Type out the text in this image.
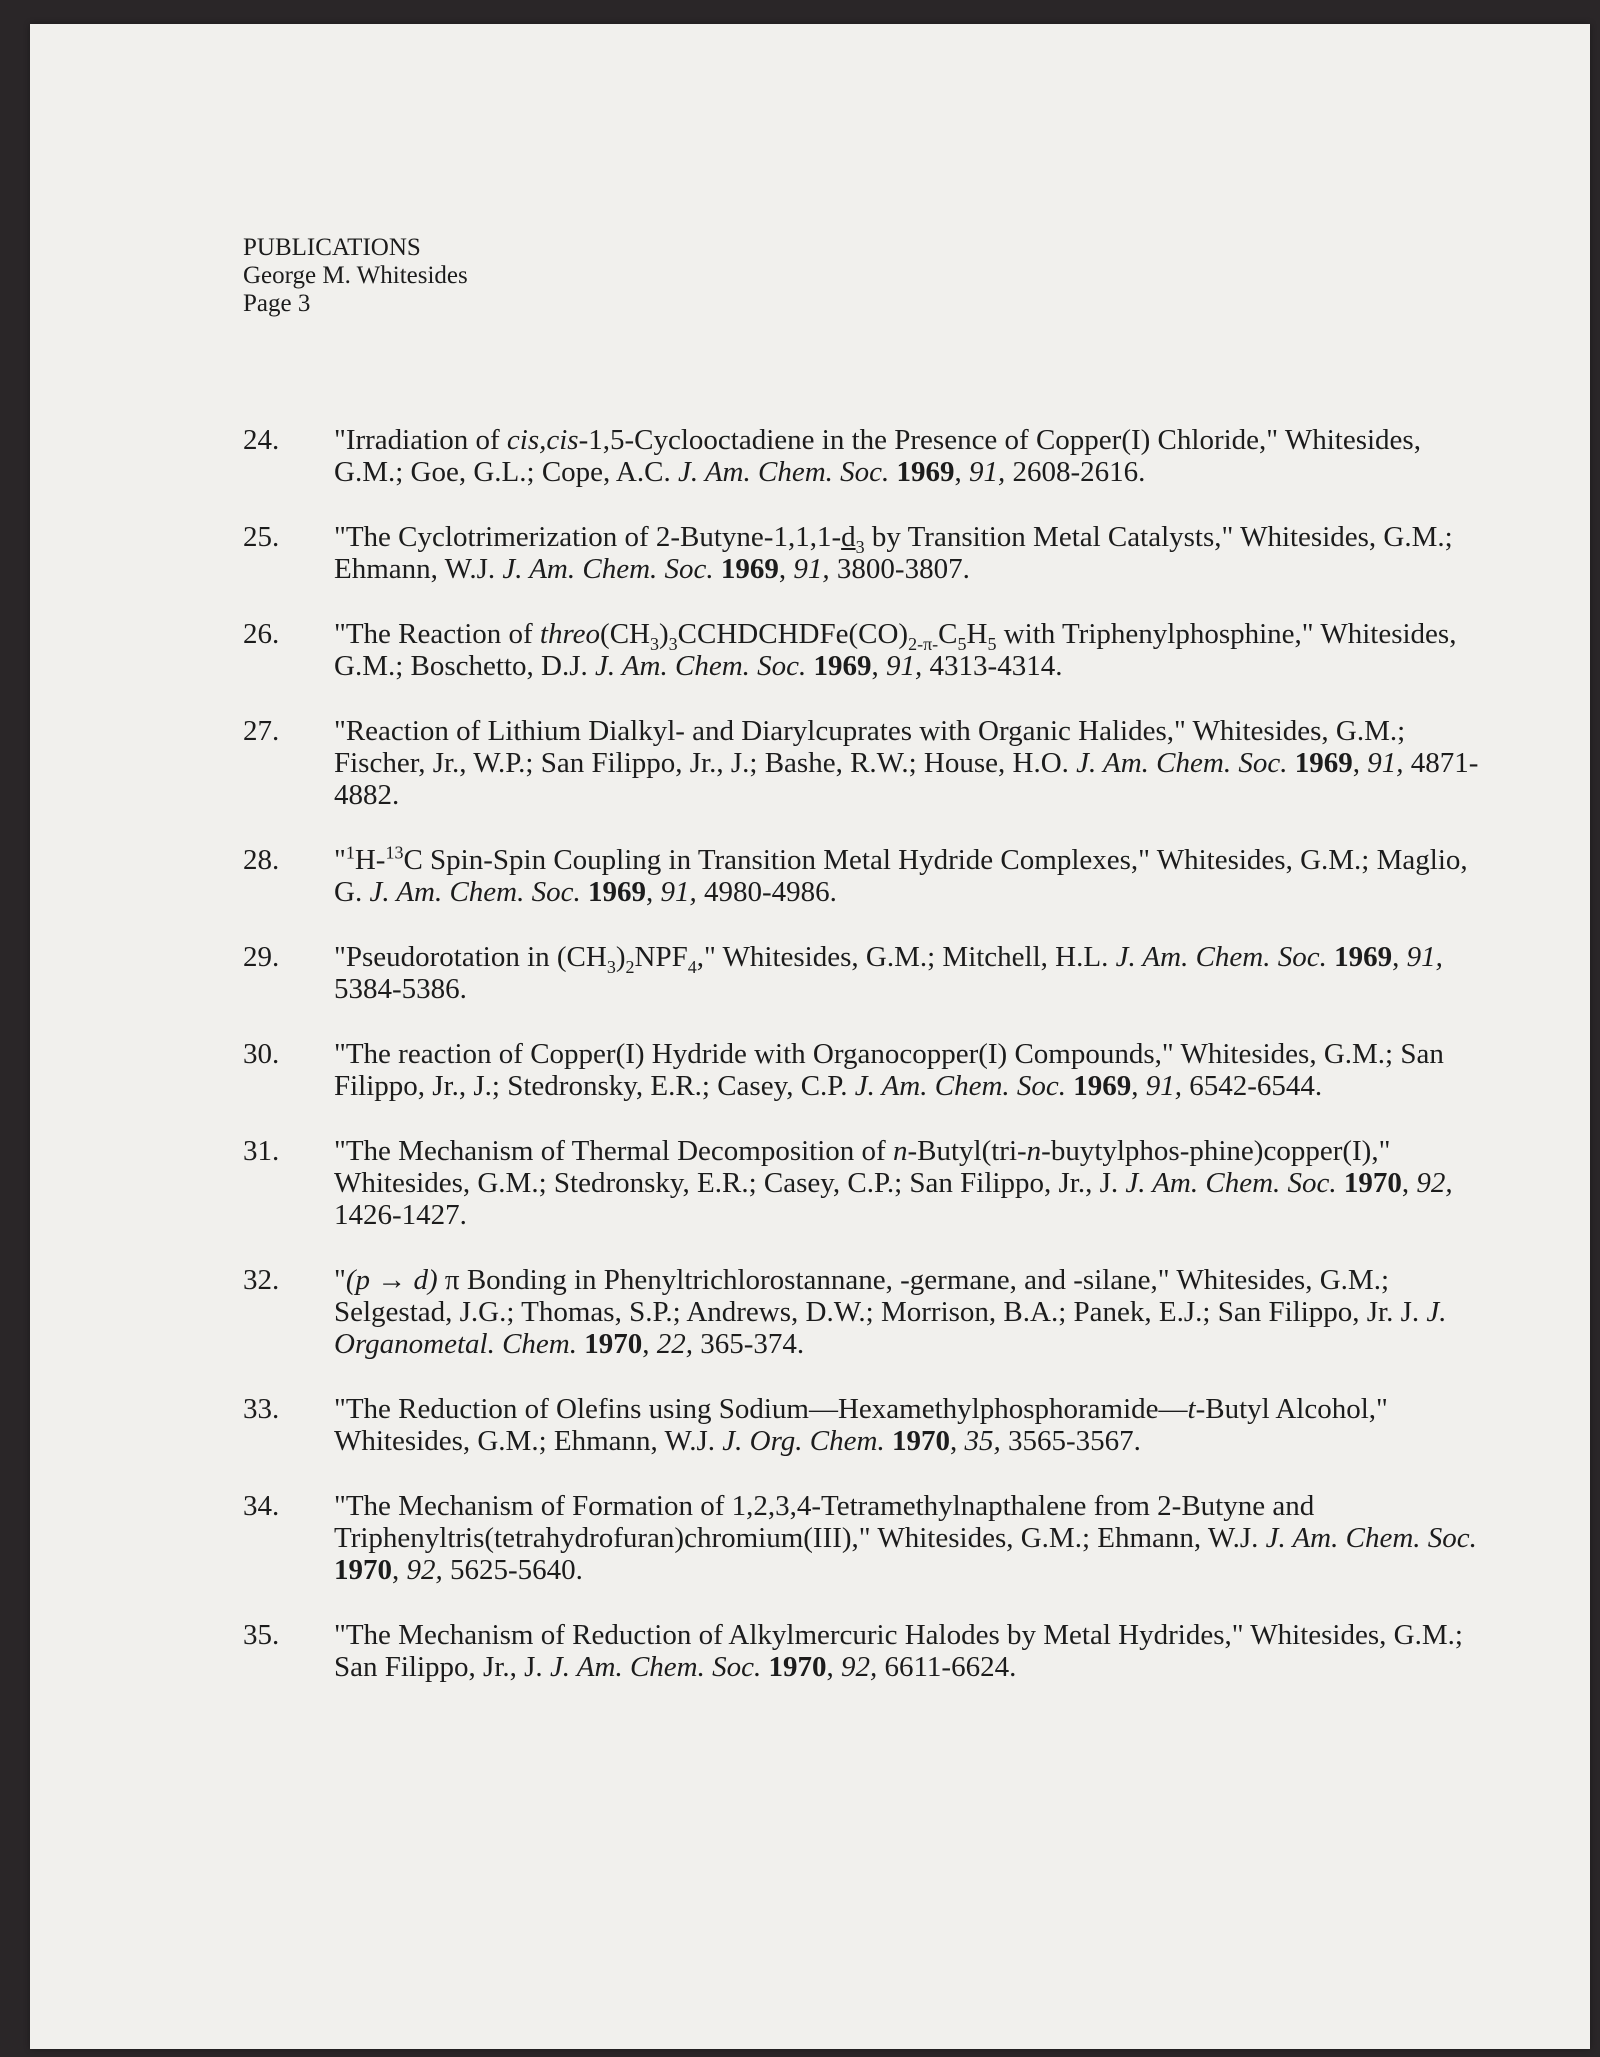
PUBLICATIONS
George M. Whitesides
Page 3
24. "Irradiation of cis,cis-1,5-Cyclooctadiene in the Presence of Copper(I) Chloride," Whitesides, G.M.; Goe, G.L.; Cope, A.C. J. Am. Chem. Soc. 1969, 91, 2608-2616.
25. "The Cyclotrimerization of $2-Butyne-1,1,1-d_3$ by Transition Metal Catalysts," Whitesides, G.M.; Ehmann, W.J. J. Am. Chem. Soc. 1969, 91, 3800-3807.
26. "The Reaction of $threo(CH_3)_3CCHDCHDFe(CO)_{2-\pi-}C_5H_5$ with Triphenylphosphine," Whitesides, G.M.; Boschetto, D.J. J. Am. Chem. Soc. 1969, 91, 4313-4314.
27. "Reaction of Lithium Dialkyl- and Diarylcuprates with Organic Halides," Whitesides, G.M.; Fischer, Jr., W.P.; San Filippo, Jr., J.; Bashe, R.W.; House, H.O. J. Am. Chem. Soc. 1969, 91, 4871-4882.
28. "$^1$H-$^{13}$C Spin-Spin Coupling in Transition Metal Hydride Complexes," Whitesides, G.M.; Maglio, G. J. Am. Chem. Soc. 1969, 91, 4980-4986.
29. "Pseudorotation in $(CH_3)_2NPF_4$," Whitesides, G.M.; Mitchell, H.L. J. Am. Chem. Soc. 1969, 91, 5384-5386.
30. "The reaction of Copper(I) Hydride with Organocopper(I) Compounds," Whitesides, G.M.; San Filippo, Jr., J.; Stedronsky, E.R.; Casey, C.P. J. Am. Chem. Soc. 1969, 91, 6542-6544.
31. "The Mechanism of Thermal Decomposition of n-Butyl(tri-n-buytylphos-phine)copper(I)," Whitesides, G.M.; Stedronsky, E.R.; Casey, C.P.; San Filippo, Jr., J. J. Am. Chem. Soc. 1970, 92, 1426-1427.
32. "(p → d) π Bonding in Phenyltrichlorostannane, -germane, and -silane," Whitesides, G.M.; Selgestad, J.G.; Thomas, S.P.; Andrews, D.W.; Morrison, B.A.; Panek, E.J.; San Filippo, Jr. J. J. Organometal. Chem. 1970, 22, 365-374.
33. "The Reduction of Olefins using Sodium—Hexamethylphosphoramide—t-Butyl Alcohol," Whitesides, G.M.; Ehmann, W.J. J. Org. Chem. 1970, 35, 3565-3567.
34. "The Mechanism of Formation of 1,2,3,4-Tetramethylnapthalene from 2-Butyne and Triphenyltris(tetrahydrofuran)chromium(III)," Whitesides, G.M.; Ehmann, W.J. J. Am. Chem. Soc. 1970, 92, 5625-5640.
35. "The Mechanism of Reduction of Alkylmercuric Halodes by Metal Hydrides," Whitesides, G.M.; San Filippo, Jr., J. J. Am. Chem. Soc. 1970, 92, 6611-6624.
